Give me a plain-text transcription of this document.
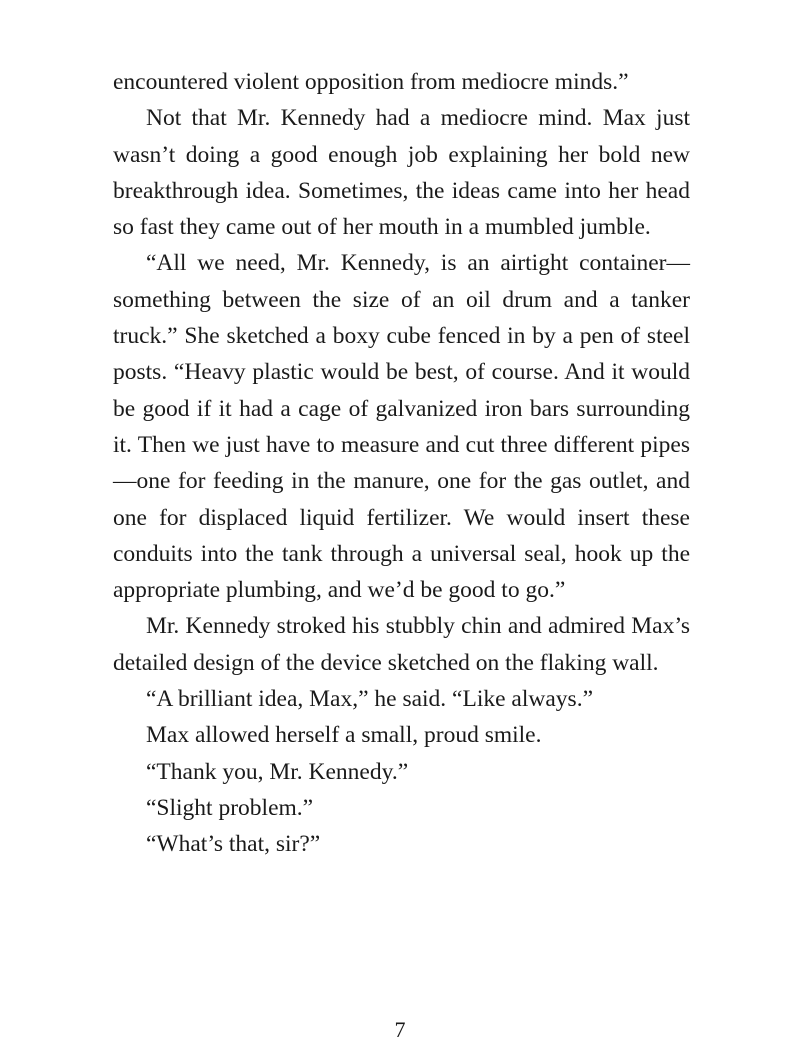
encountered violent opposition from mediocre minds.”

Not that Mr. Kennedy had a mediocre mind. Max just wasn’t doing a good enough job explaining her bold new breakthrough idea. Sometimes, the ideas came into her head so fast they came out of her mouth in a mumbled jumble.

“All we need, Mr. Kennedy, is an airtight container—something between the size of an oil drum and a tanker truck.” She sketched a boxy cube fenced in by a pen of steel posts. “Heavy plastic would be best, of course. And it would be good if it had a cage of galvanized iron bars surrounding it. Then we just have to measure and cut three different pipes—one for feeding in the manure, one for the gas outlet, and one for displaced liquid fertilizer. We would insert these conduits into the tank through a universal seal, hook up the appropriate plumbing, and we’d be good to go.”

Mr. Kennedy stroked his stubbly chin and admired Max’s detailed design of the device sketched on the flaking wall.

“A brilliant idea, Max,” he said. “Like always.”

Max allowed herself a small, proud smile.

“Thank you, Mr. Kennedy.”

“Slight problem.”

“What’s that, sir?”

7
